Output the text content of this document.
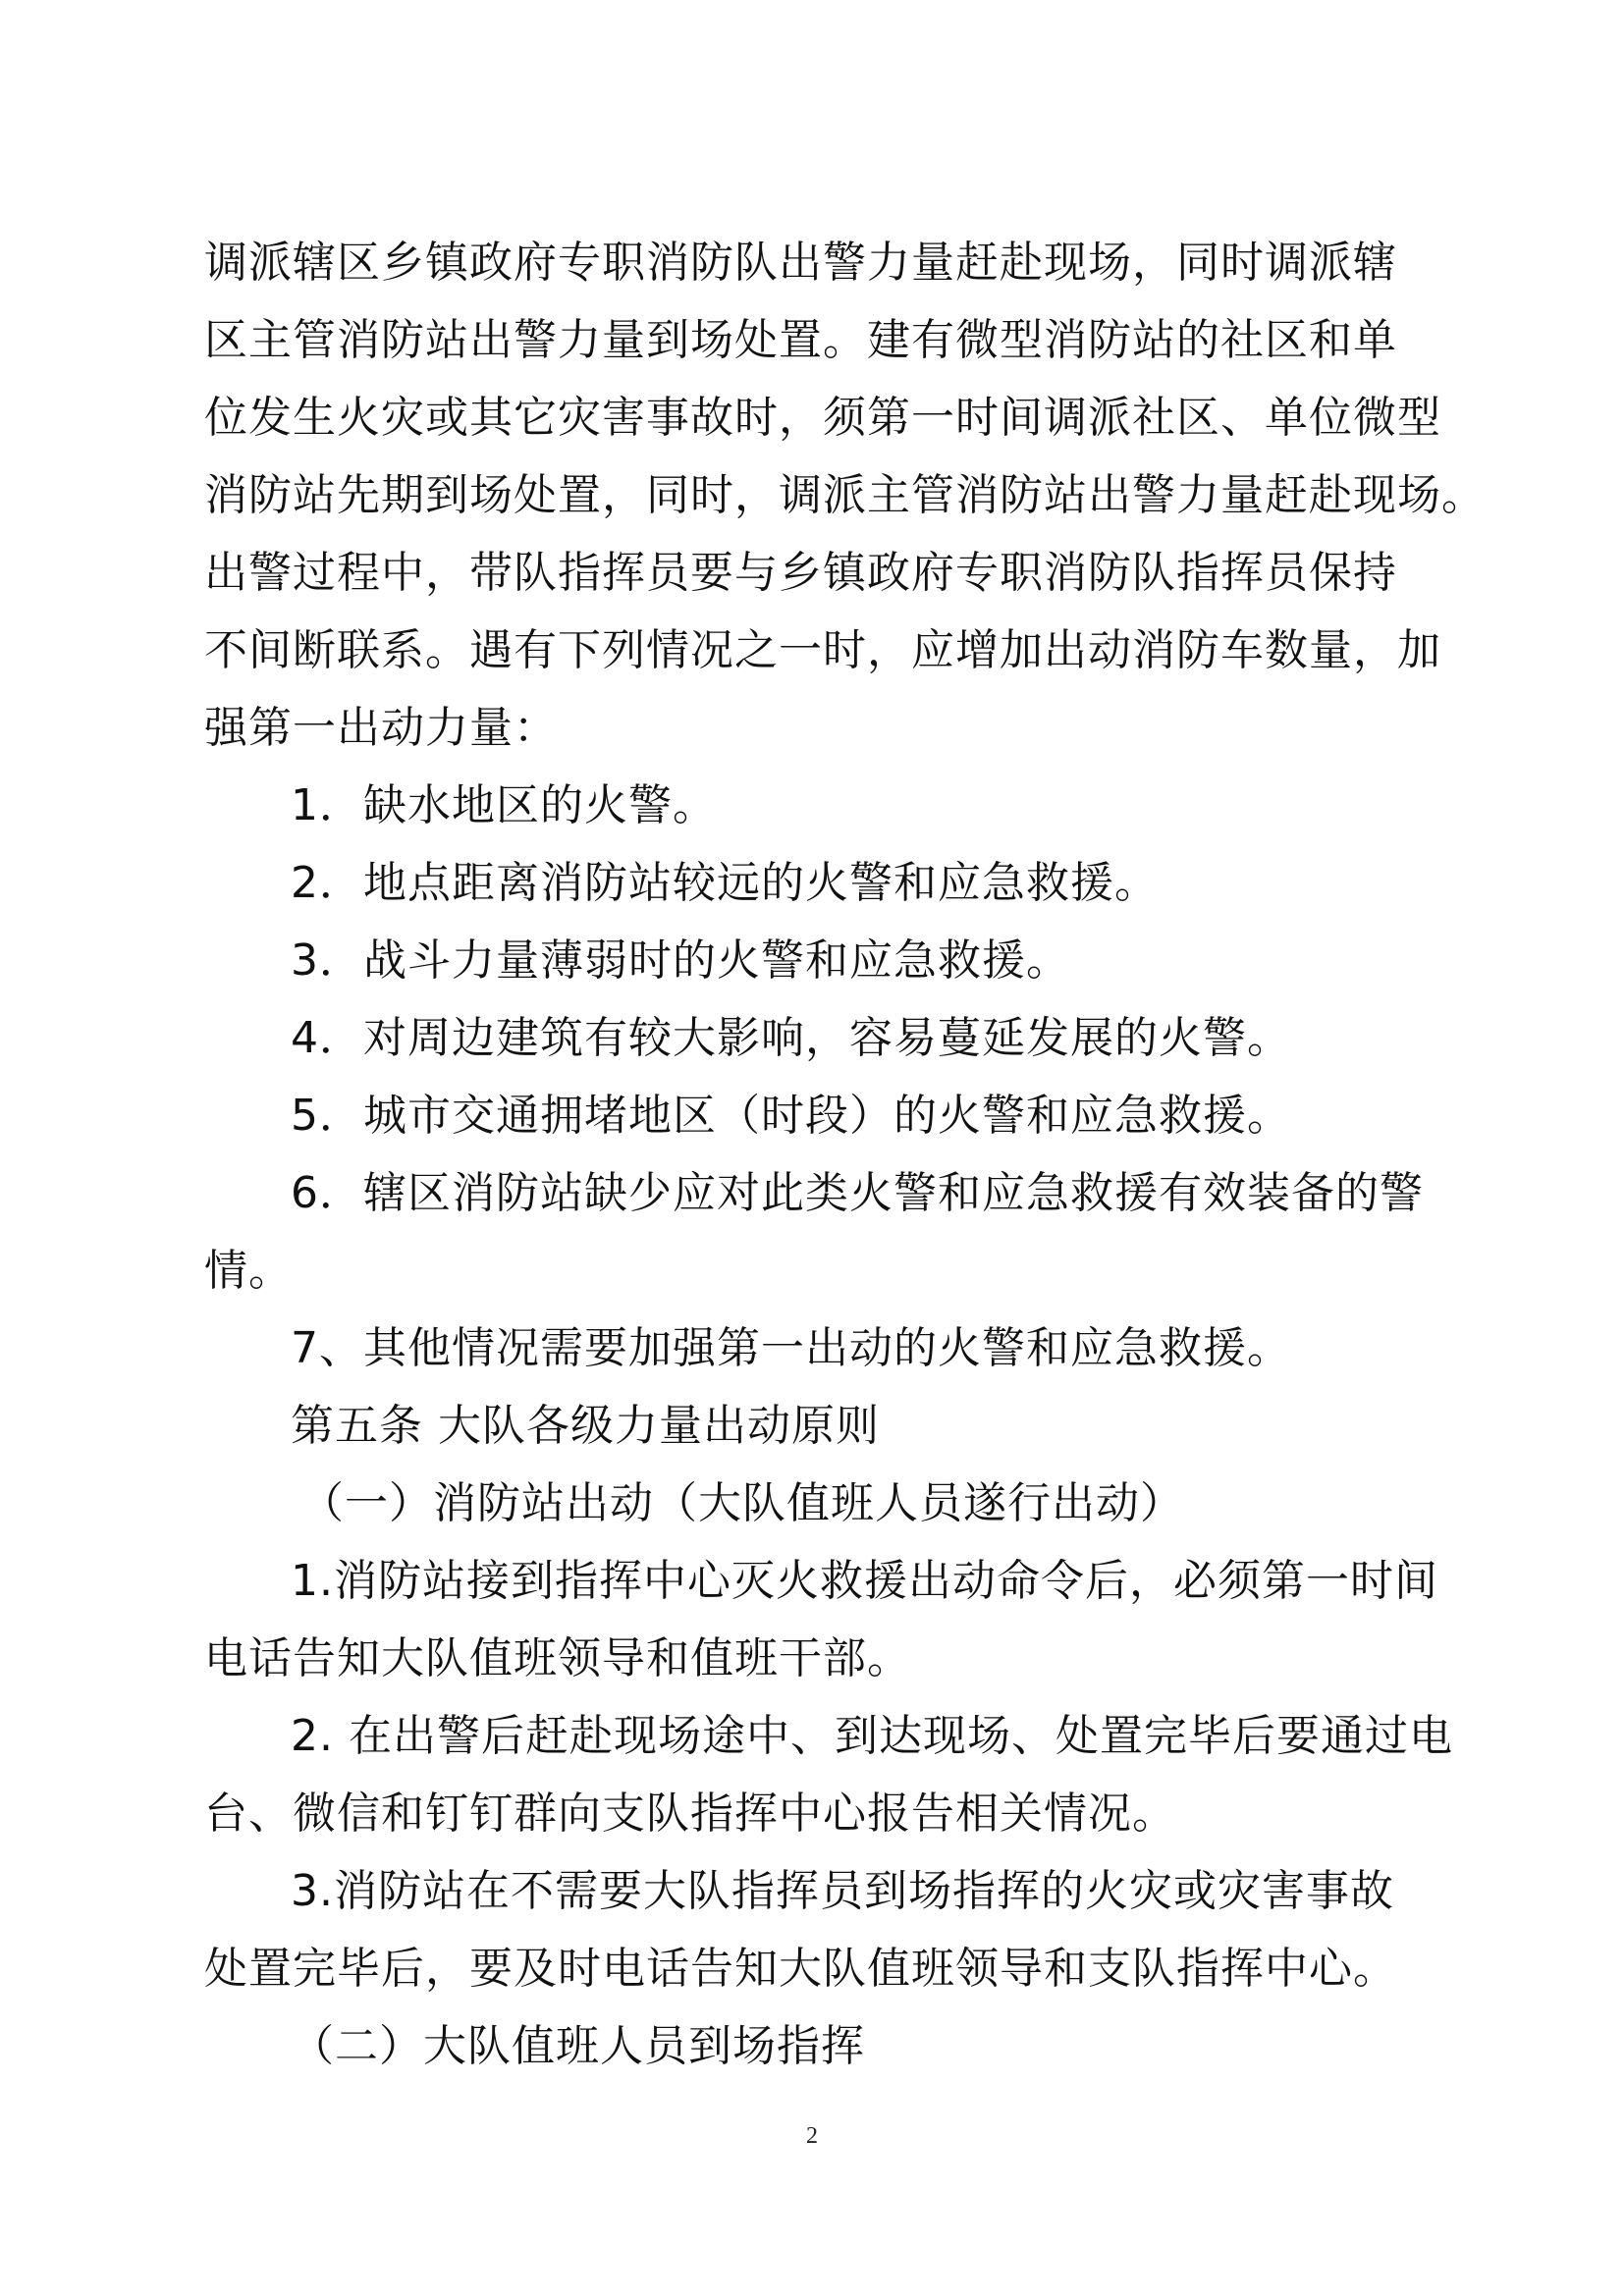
调派辖区乡镇政府专职消防队出警力量赶赴现场，同时调派辖
区主管消防站出警力量到场处置。建有微型消防站的社区和单
位发生火灾或其它灾害事故时，须第一时间调派社区、单位微型
消防站先期到场处置，同时，调派主管消防站出警力量赶赴现场。
出警过程中，带队指挥员要与乡镇政府专职消防队指挥员保持
不间断联系。遇有下列情况之一时，应增加出动消防车数量，加
强第一出动力量：
1．缺水地区的火警。
2．地点距离消防站较远的火警和应急救援。
3．战斗力量薄弱时的火警和应急救援。
4．对周边建筑有较大影响，容易蔓延发展的火警。
5．城市交通拥堵地区（时段）的火警和应急救援。
6．辖区消防站缺少应对此类火警和应急救援有效装备的警
情。
7、其他情况需要加强第一出动的火警和应急救援。
第五条 大队各级力量出动原则
（一）消防站出动（大队值班人员遂行出动）
1.消防站接到指挥中心灭火救援出动命令后，必须第一时间
电话告知大队值班领导和值班干部。
2. 在出警后赶赴现场途中、到达现场、处置完毕后要通过电
台、微信和钉钉群向支队指挥中心报告相关情况。
3.消防站在不需要大队指挥员到场指挥的火灾或灾害事故
处置完毕后，要及时电话告知大队值班领导和支队指挥中心。
（二）大队值班人员到场指挥
2
